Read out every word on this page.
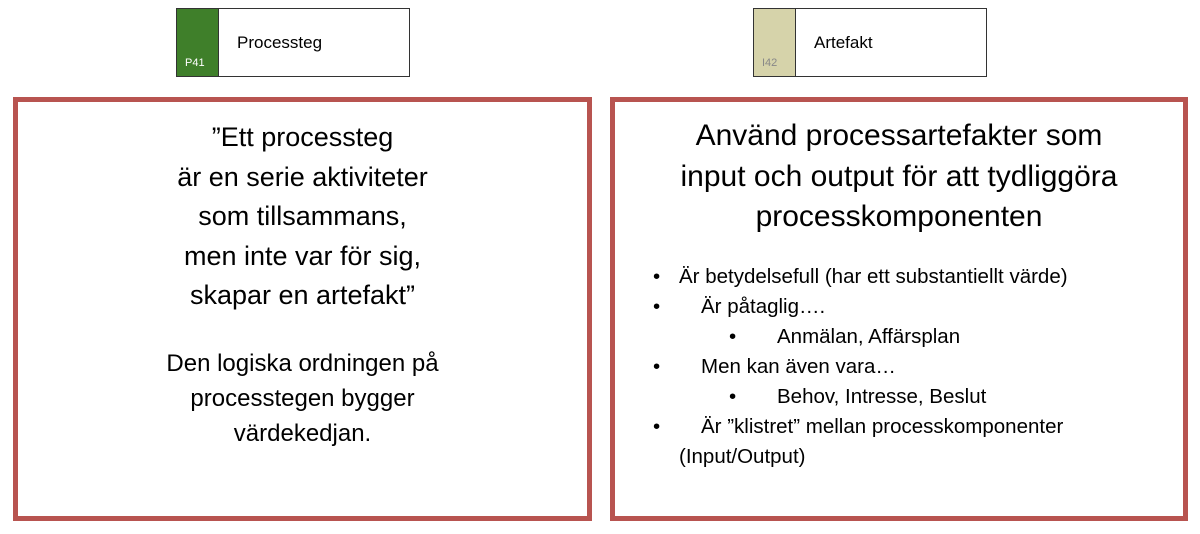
P41
Processteg
I42
Artefakt
”Ett processteg
är en serie aktiviteter
som tillsammans,
men inte var för sig,
skapar en artefakt”
Den logiska ordningen på
processtegen bygger
värdekedjan.
Använd processartefakter som
input och output för att tydliggöra
processkomponenten
• Är betydelsefull (har ett substantiellt värde)
• Är påtaglig….
• Anmälan, Affärsplan
• Men kan även vara…
• Behov, Intresse, Beslut
• Är ”klistret” mellan processkomponenter
(Input/Output)
